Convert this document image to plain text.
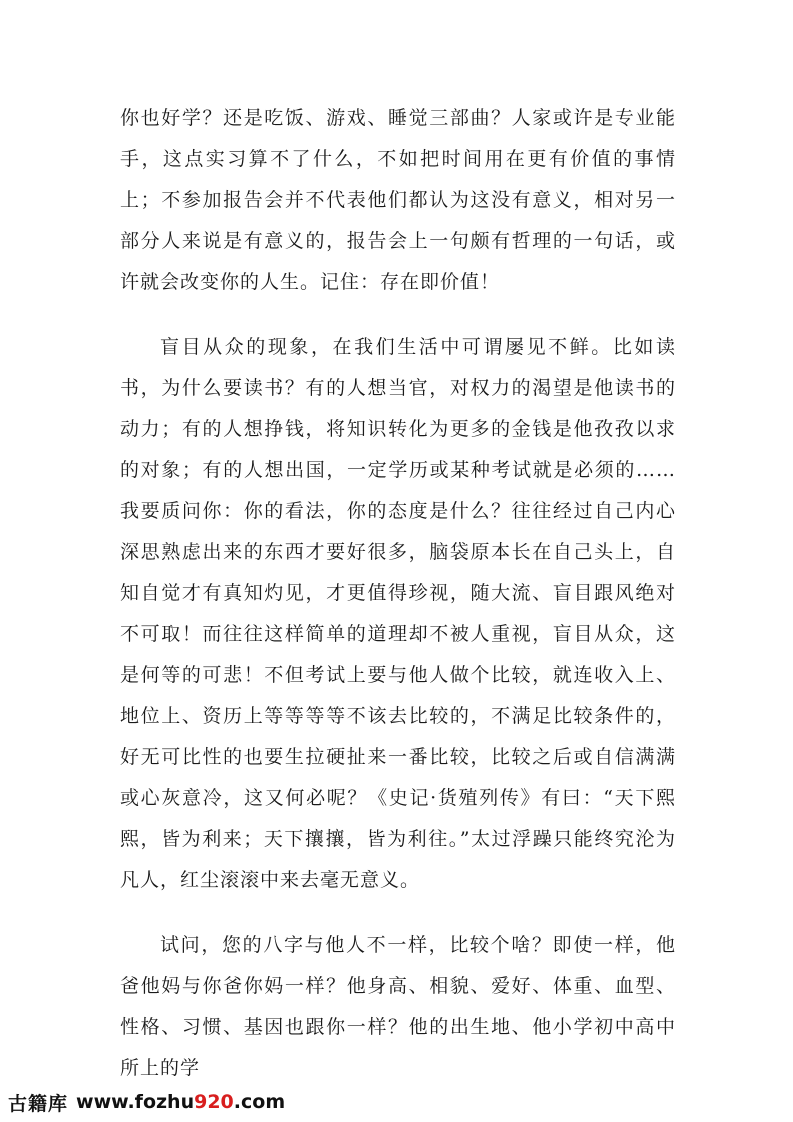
你也好学？还是吃饭、游戏、睡觉三部曲？人家或许是专业能手，这点实习算不了什么，不如把时间用在更有价值的事情上；不参加报告会并不代表他们都认为这没有意义，相对另一部分人来说是有意义的，报告会上一句颇有哲理的一句话，或许就会改变你的人生。记住：存在即价值！

盲目从众的现象，在我们生活中可谓屡见不鲜。比如读书，为什么要读书？有的人想当官，对权力的渴望是他读书的动力；有的人想挣钱，将知识转化为更多的金钱是他孜孜以求的对象；有的人想出国，一定学历或某种考试就是必须的……我要质问你：你的看法，你的态度是什么？往往经过自己内心深思熟虑出来的东西才要好很多，脑袋原本长在自己头上，自知自觉才有真知灼见，才更值得珍视，随大流、盲目跟风绝对不可取！而往往这样简单的道理却不被人重视，盲目从众，这是何等的可悲！不但考试上要与他人做个比较，就连收入上、地位上、资历上等等等等不该去比较的，不满足比较条件的，好无可比性的也要生拉硬扯来一番比较，比较之后或自信满满或心灰意冷，这又何必呢？《史记·货殖列传》有曰：“天下熙熙，皆为利来；天下攘攘，皆为利往。”太过浮躁只能终究沦为凡人，红尘滚滚中来去毫无意义。

试问，您的八字与他人不一样，比较个啥？即使一样，他爸他妈与你爸你妈一样？他身高、相貌、爱好、体重、血型、性格、习惯、基因也跟你一样？他的出生地、他小学初中高中所上的学

古籍库 www.fozhu 920 .com
